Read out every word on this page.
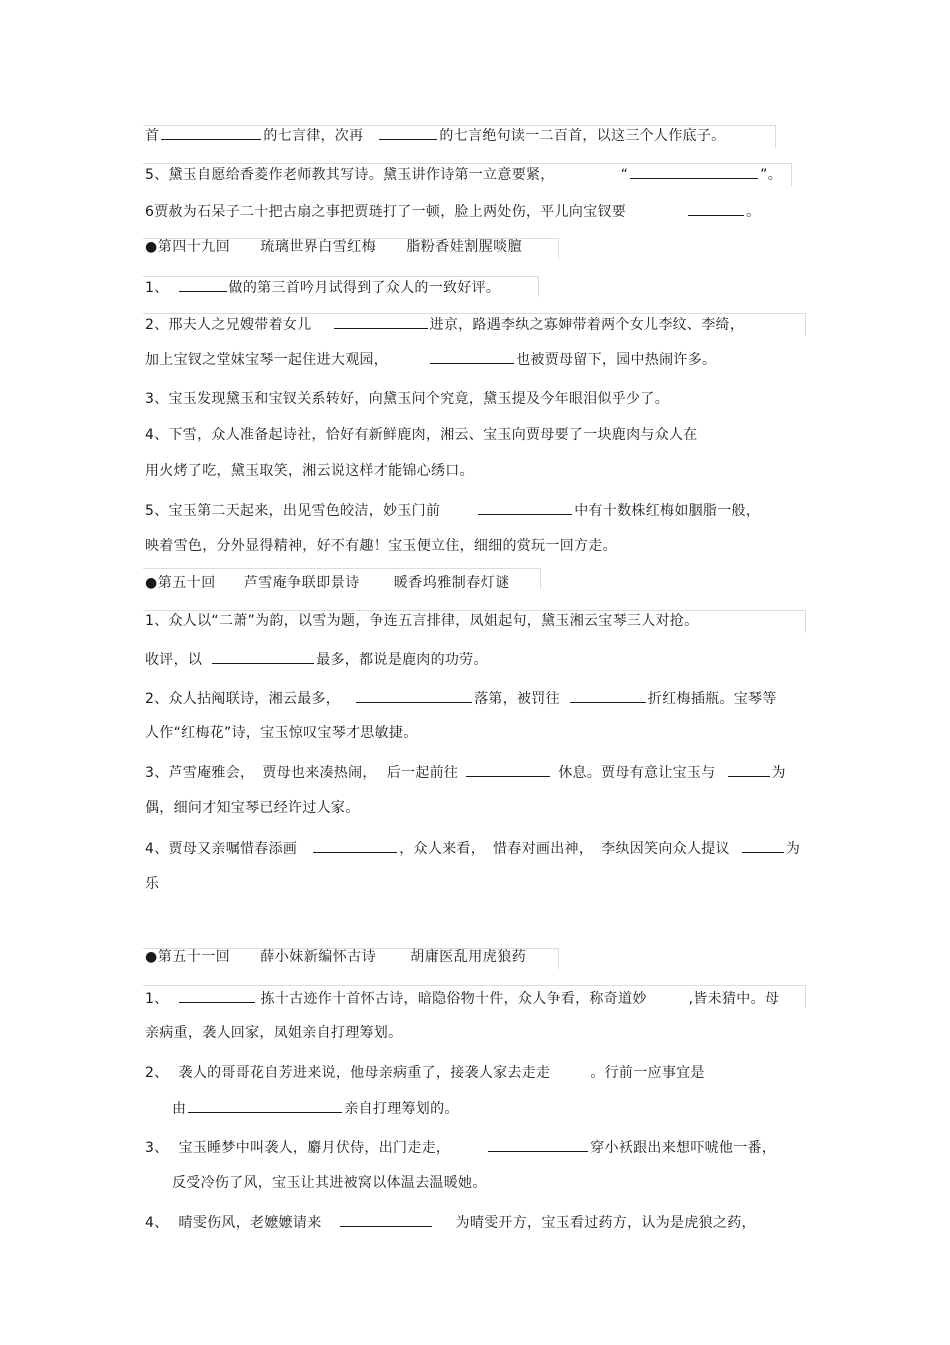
首	的七言律，次再	的七言绝句读一二百首，以这三个人作底子。
5、黛玉自愿给香菱作老师教其写诗。黛玉讲作诗第一立意要紧，	“	”。
6贾赦为石呆子二十把古扇之事把贾琏打了一顿，脸上两处伤，平儿向宝钗要	。
●第四十九回 琉璃世界白雪红梅 脂粉香娃割腥啖膻
1、	做的第三首吟月试得到了众人的一致好评。
2、邢夫人之兄嫂带着女儿	进京，路遇李纨之寡婶带着两个女儿李纹、李绮，
加上宝钗之堂妹宝琴一起住进大观园，	也被贾母留下，园中热闹许多。
3、宝玉发现黛玉和宝钗关系转好，向黛玉问个究竟，黛玉提及今年眼泪似乎少了。
4、下雪，众人准备起诗社，恰好有新鲜鹿肉，湘云、宝玉向贾母要了一块鹿肉与众人在
用火烤了吃，黛玉取笑，湘云说这样才能锦心绣口。
5、宝玉第二天起来，出见雪色皎洁，妙玉门前	中有十数株红梅如胭脂一般，
映着雪色，分外显得精神，好不有趣！宝玉便立住，细细的赏玩一回方走。
●第五十回 芦雪庵争联即景诗 暖香坞雅制春灯谜
1、众人以“二萧”为韵，以雪为题，争连五言排律，凤姐起句，黛玉湘云宝琴三人对抢。
收评，以	最多，都说是鹿肉的功劳。
2、众人拈阄联诗，湘云最多，	落第，被罚往	折红梅插瓶。宝琴等
人作“红梅花”诗，宝玉惊叹宝琴才思敏捷。
3、芦雪庵雅会， 贾母也来凑热闹， 后一起前往	休息。贾母有意让宝玉与	为
偶，细问才知宝琴已经许过人家。
4、贾母又亲嘱惜春添画	，众人来看， 惜春对画出神， 李纨因笑向众人提议	为
乐
●第五十一回 薛小妹新编怀古诗 胡庸医乱用虎狼药
1、	拣十古迹作十首怀古诗，暗隐俗物十件，众人争看，称奇道妙	,皆未猜中。母
亲病重，袭人回家，凤姐亲自打理筹划。
2、 袭人的哥哥花自芳进来说，他母亲病重了，接袭人家去走走	。行前一应事宜是
由	亲自打理筹划的。
3、 宝玉睡梦中叫袭人，麝月伏侍，出门走走，	穿小袄跟出来想吓唬他一番，
反受冷伤了风，宝玉让其进被窝以体温去温暖她。
4、 晴雯伤风，老嬷嬷请来	为晴雯开方，宝玉看过药方，认为是虎狼之药，
